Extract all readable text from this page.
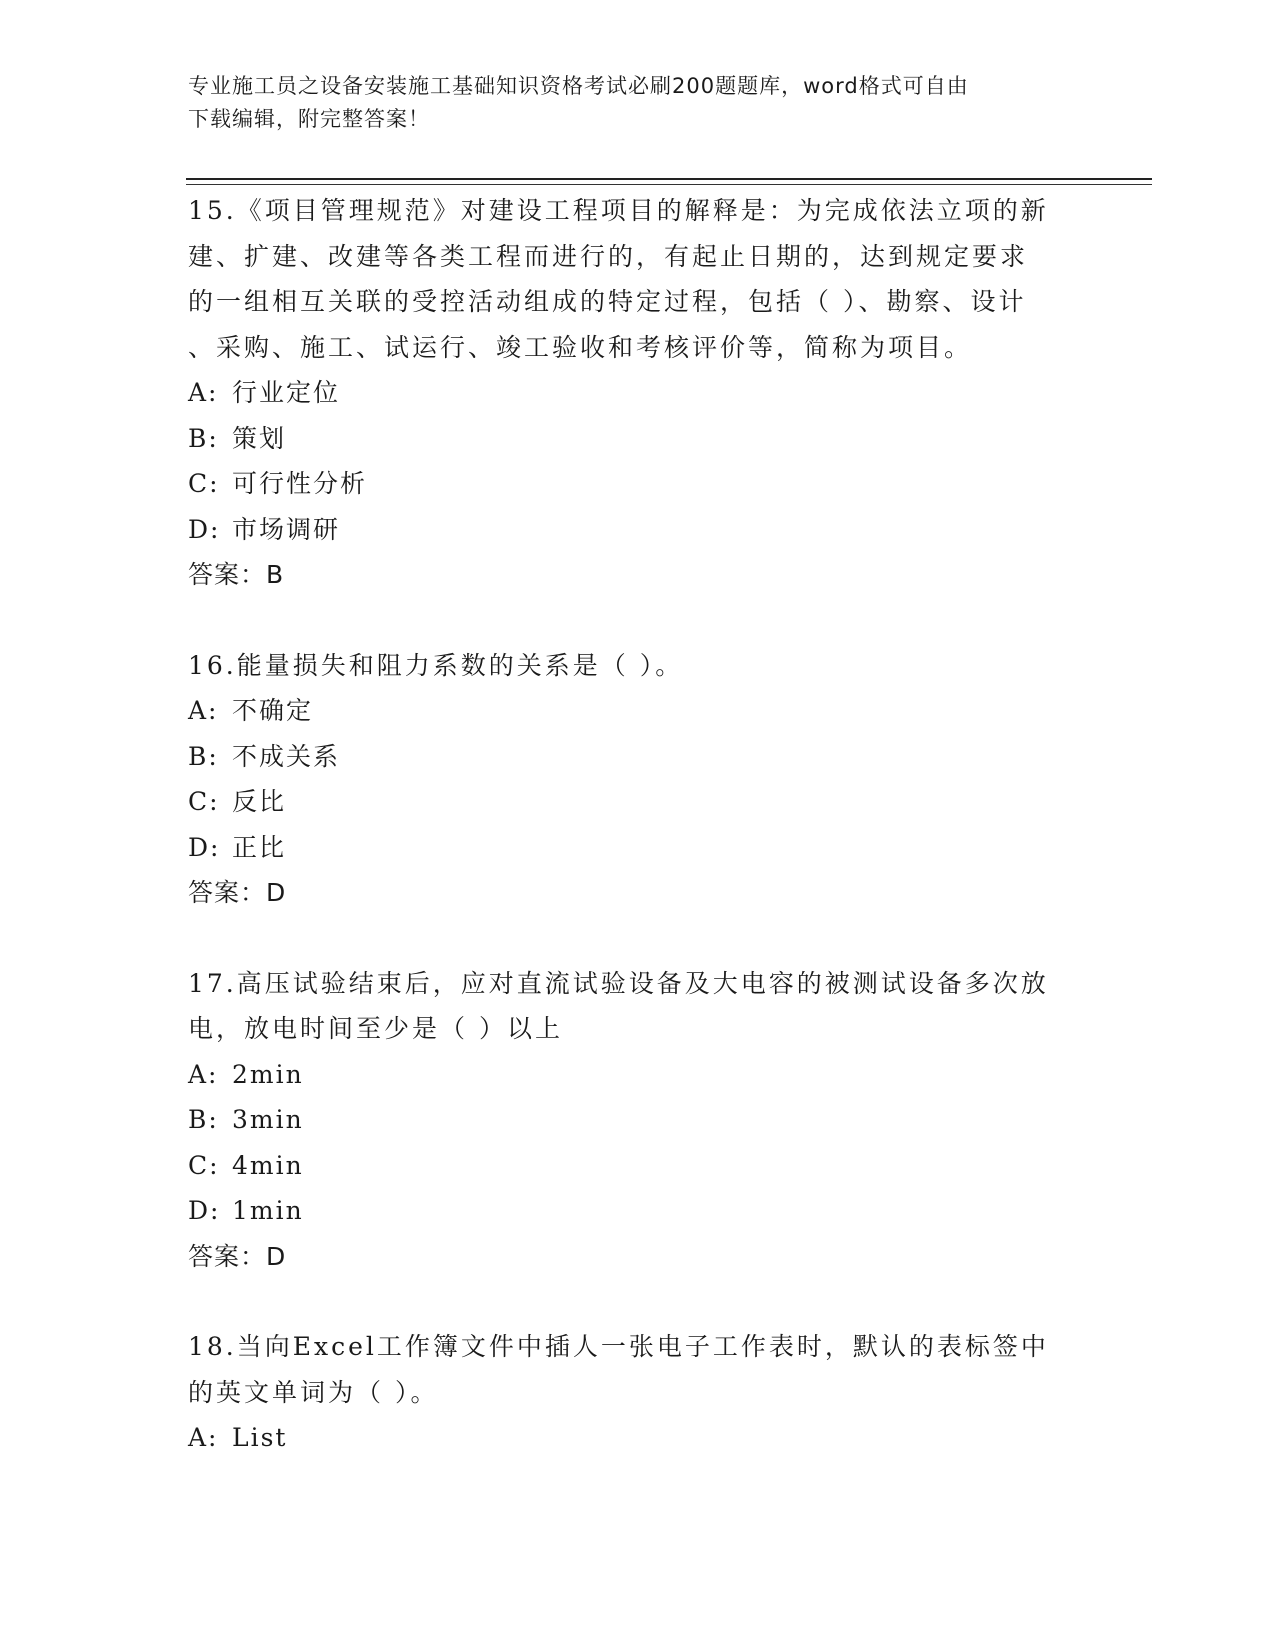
专业施工员之设备安装施工基础知识资格考试必刷200题题库，word格式可自由
下载编辑，附完整答案！
15.《项目管理规范》对建设工程项目的解释是：为完成依法立项的新
建、扩建、改建等各类工程而进行的，有起止日期的，达到规定要求
的一组相互关联的受控活动组成的特定过程，包括（ ）、勘察、设计
、采购、施工、试运行、竣工验收和考核评价等，简称为项目。
A: 行业定位
B: 策划
C: 可行性分析
D: 市场调研
答案：B
16.能量损失和阻力系数的关系是（ ）。
A: 不确定
B: 不成关系
C: 反比
D: 正比
答案：D
17.高压试验结束后，应对直流试验设备及大电容的被测试设备多次放
电，放电时间至少是（ ）以上
A: 2min
B: 3min
C: 4min
D: 1min
答案：D
18.当向Excel工作簿文件中插人一张电子工作表时，默认的表标签中
的英文单词为（ ）。
A: List
